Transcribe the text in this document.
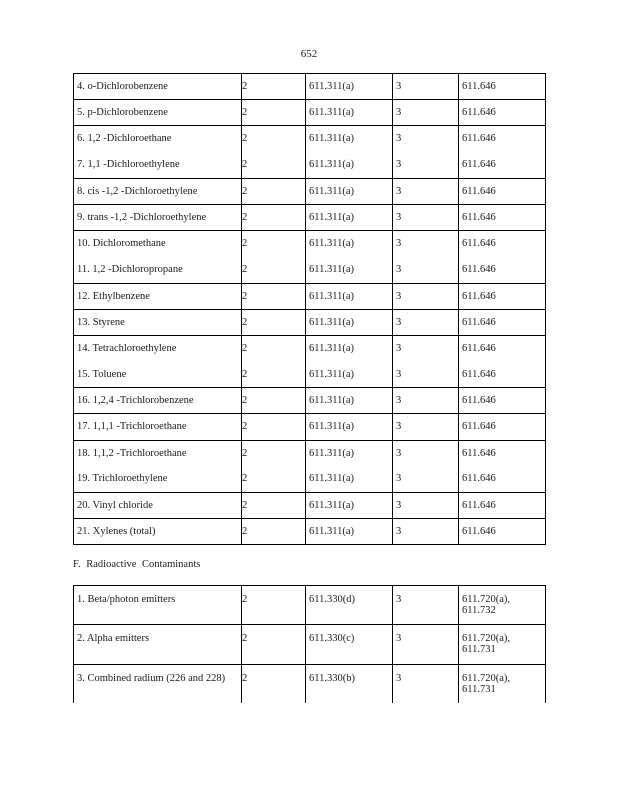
652
4. o-Dichlorobenzene	2	611.311(a)	3	611.646
5. p-Dichlorobenzene	2	611.311(a)	3	611.646
6. 1,2 -Dichloroethane	2	611.311(a)	3	611.646
7. 1,1 -Dichloroethylene	2	611.311(a)	3	611.646
8. cis -1,2 -Dichloroethylene	2	611.311(a)	3	611.646
9. trans -1,2 -Dichloroethylene	2	611.311(a)	3	611.646
10. Dichloromethane	2	611.311(a)	3	611.646
11. 1,2 -Dichloropropane	2	611.311(a)	3	611.646
12. Ethylbenzene	2	611.311(a)	3	611.646
13. Styrene	2	611.311(a)	3	611.646
14. Tetrachloroethylene	2	611.311(a)	3	611.646
15. Toluene	2	611.311(a)	3	611.646
16. 1,2,4 -Trichlorobenzene	2	611.311(a)	3	611.646
17. 1,1,1 -Trichloroethane	2	611.311(a)	3	611.646
18. 1,1,2 -Trichloroethane	2	611.311(a)	3	611.646
19. Trichloroethylene	2	611.311(a)	3	611.646
20. Vinyl chloride	2	611.311(a)	3	611.646
21. Xylenes (total)	2	611.311(a)	3	611.646
F. Radioactive Contaminants
1. Beta/photon emitters	2	611.330(d)	3	611.720(a), 611.732
2. Alpha emitters	2	611.330(c)	3	611.720(a), 611.731
3. Combined radium (226 and 228)	2	611.330(b)	3	611.720(a), 611.731
